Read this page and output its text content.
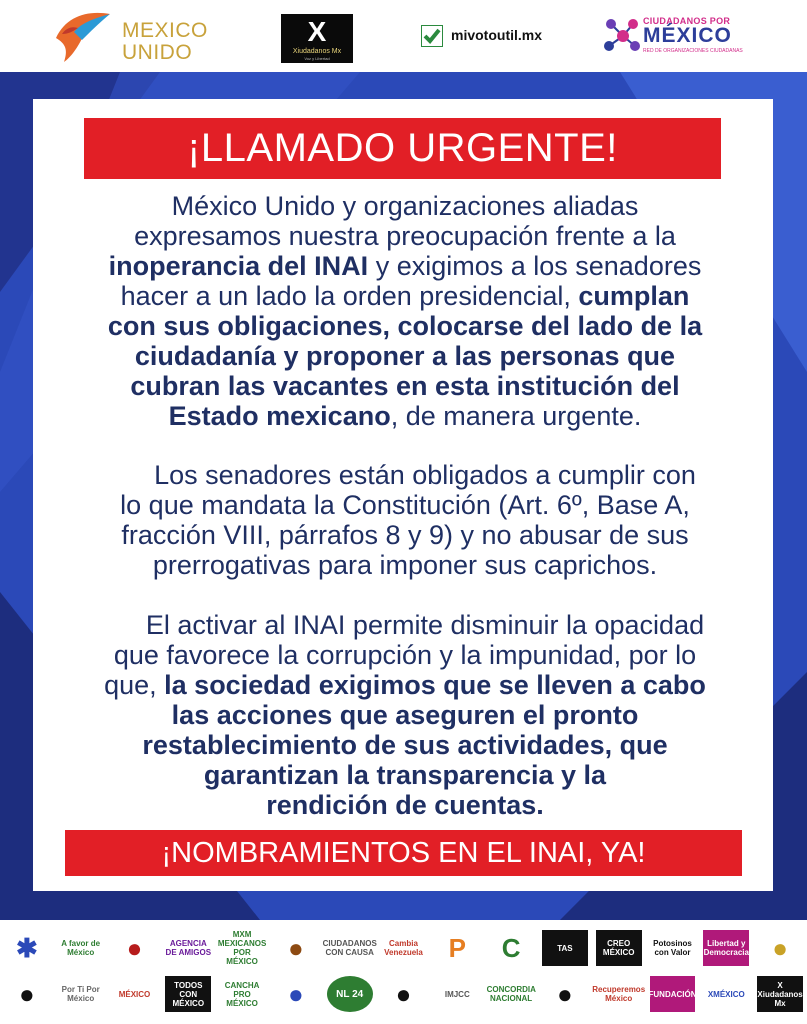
MEXICO
UNIDO
X
Xiudadanos Mx
Voz y Libertad
mivotoutil.mx
CIUDADANOS POR
MÉXICO
RED DE ORGANIZACIONES CIUDADANAS
¡LLAMADO URGENTE!
México Unido y organizaciones aliadas
expresamos nuestra preocupación frente a la
inoperancia del INAI y exigimos a los senadores
hacer a un lado la orden presidencial, cumplan
con sus obligaciones, colocarse del lado de la
ciudadanía y proponer a las personas que
cubran las vacantes en esta institución del
Estado mexicano, de manera urgente.
Los senadores están obligados a cumplir con
lo que mandata la Constitución (Art. 6º, Base A,
fracción VIII, párrafos 8 y 9) y no abusar de sus
prerrogativas para imponer sus caprichos.
El activar al INAI permite disminuir la opacidad
que favorece la corrupción y la impunidad, por lo
que, la sociedad exigimos que se lleven a cabo
las acciones que aseguren el pronto
restablecimiento de sus actividades, que
garantizan la transparencia y la
rendición de cuentas.
¡NOMBRAMIENTOS EN EL INAI, YA!
✱	A favor de México	●	AGENCIA DE AMIGOS
MXM MEXICANOS POR MÉXICO	●	CIUDADANOS CON CAUSA
Cambia Venezuela P	C	TAS	CREO MÉXICO
Potosinos con Valor
Libertad y Democracia ●
●	Por Ti Por México	MÉXICO
TODOS CON MÉXICO
CANCHA PRO MÉXICO	●	NL 24	●	IMJCC	CONCORDIA NACIONAL ●	Recuperemos México	FUNDACIÓN	XMÉXICO
X Xiudadanos Mx
